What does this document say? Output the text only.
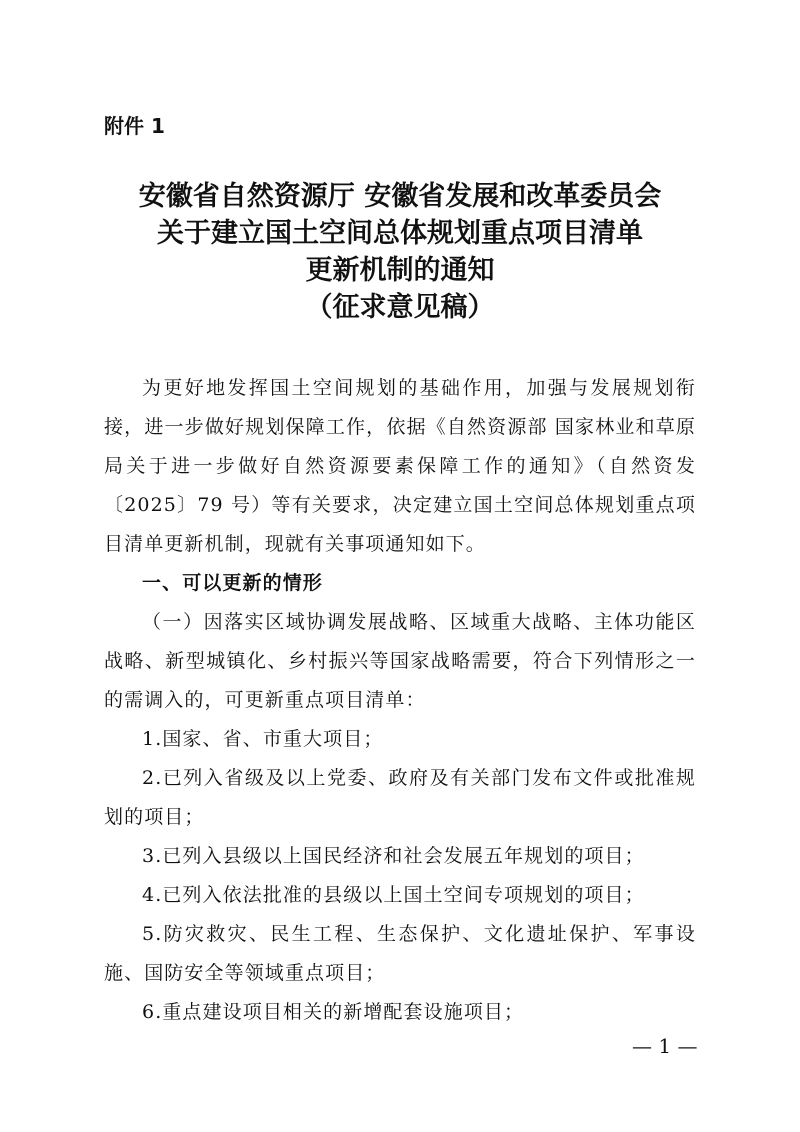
附件 1
安徽省自然资源厅 安徽省发展和改革委员会
关于建立国土空间总体规划重点项目清单
更新机制的通知
（征求意见稿）

为更好地发挥国土空间规划的基础作用，加强与发展规划衔接，进一步做好规划保障工作，依据《自然资源部 国家林业和草原局关于进一步做好自然资源要素保障工作的通知》（自然资发〔2025〕79 号）等有关要求，决定建立国土空间总体规划重点项目清单更新机制，现就有关事项通知如下。

一、可以更新的情形

（一）因落实区域协调发展战略、区域重大战略、主体功能区战略、新型城镇化、乡村振兴等国家战略需要，符合下列情形之一的需调入的，可更新重点项目清单：

1.国家、省、市重大项目；

2.已列入省级及以上党委、政府及有关部门发布文件或批准规划的项目；

3.已列入县级以上国民经济和社会发展五年规划的项目；

4.已列入依法批准的县级以上国土空间专项规划的项目；

5.防灾救灾、民生工程、生态保护、文化遗址保护、军事设施、国防安全等领域重点项目；

6.重点建设项目相关的新增配套设施项目；

— 1 —
